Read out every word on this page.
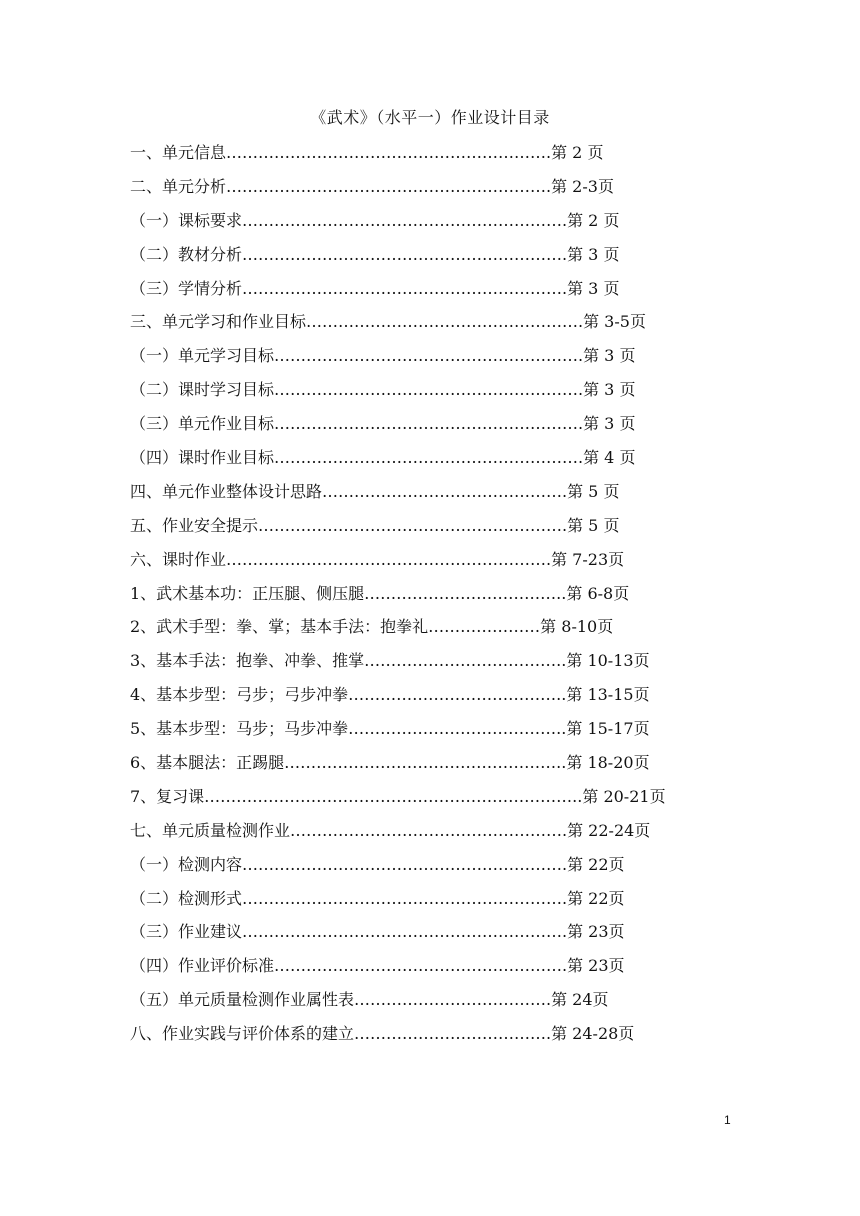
《武术》（水平一）作业设计目录
一、单元信息…………………………………………………….第 2 页
二、单元分析…………………………………………………….第 2-3页
（一）课标要求…………………………………………………….第 2 页
（二）教材分析…………………………………………………….第 3 页
（三）学情分析…………………………………………………….第 3 页
三、单元学习和作业目标…………………………………………….第 3-5页
（一）单元学习目标………………………………………………….第 3 页
（二）课时学习目标………………………………………………….第 3 页
（三）单元作业目标………………………………………………….第 3 页
（四）课时作业目标………………………………………………….第 4 页
四、单元作业整体设计思路……………………………………….第 5 页
五、作业安全提示………………………………………………….第 5 页
六、课时作业…………………………………………………….第 7-23页
1、武术基本功：正压腿、侧压腿………………………………..第 6-8页
2、武术手型：拳、掌；基本手法：抱拳礼…………………第 8-10页
3、基本手法：抱拳、冲拳、推掌………………………………..第 10-13页
4、基本步型：弓步；弓步冲拳…………………………………..第 13-15页
5、基本步型：马步；马步冲拳…………………………………..第 15-17页
6、基本腿法：正踢腿……………………………………………..第 18-20页
7、复习课……………………………………………………………..第 20-21页
七、单元质量检测作业…………………………………………….第 22-24页
（一）检测内容…………………………………………………….第 22页
（二）检测形式…………………………………………………….第 22页
（三）作业建议…………………………………………………….第 23页
（四）作业评价标准……………………………………………….第 23页
（五）单元质量检测作业属性表……………………………….第 24页
八、作业实践与评价体系的建立……………………………….第 24-28页
1
